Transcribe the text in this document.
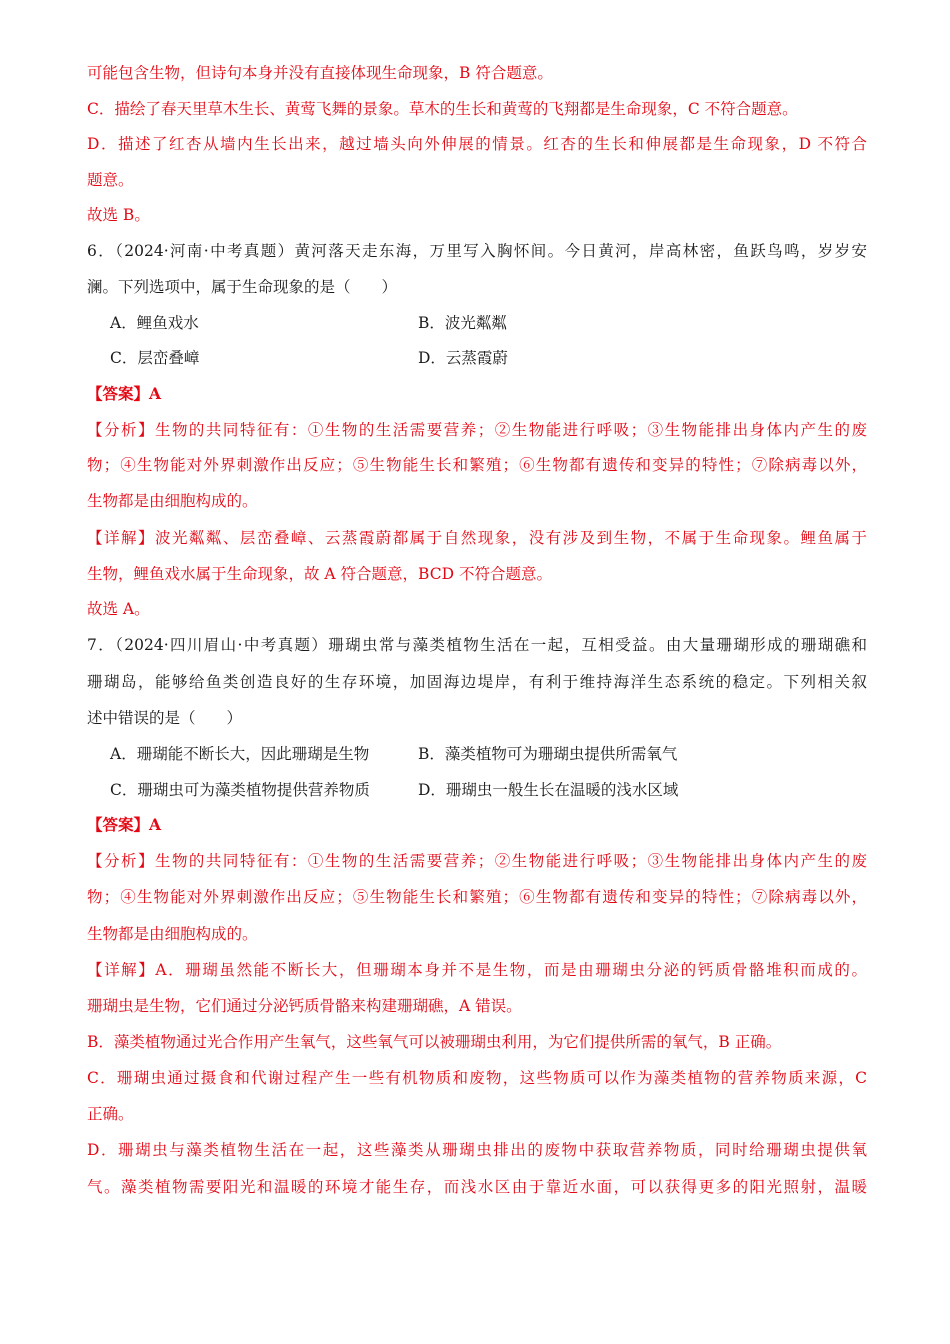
可能包含生物，但诗句本身并没有直接体现生命现象，B 符合题意。
C．描绘了春天里草木生长、黄莺飞舞的景象。草木的生长和黄莺的飞翔都是生命现象，C 不符合题意。
D．描述了红杏从墙内生长出来，越过墙头向外伸展的情景。红杏的生长和伸展都是生命现象，D 不符合
题意。
故选 B。
6．（2024·河南·中考真题）黄河落天走东海，万里写入胸怀间。今日黄河，岸高林密，鱼跃鸟鸣，岁岁安
澜。下列选项中，属于生命现象的是（　　）
A．鲤鱼戏水	B．波光粼粼
C．层峦叠嶂	D．云蒸霞蔚
【答案】A
【分析】生物的共同特征有：①生物的生活需要营养；②生物能进行呼吸；③生物能排出身体内产生的废
物；④生物能对外界刺激作出反应；⑤生物能生长和繁殖；⑥生物都有遗传和变异的特性；⑦除病毒以外，
生物都是由细胞构成的。
【详解】波光粼粼、层峦叠嶂、云蒸霞蔚都属于自然现象，没有涉及到生物，不属于生命现象。鲤鱼属于
生物，鲤鱼戏水属于生命现象，故 A 符合题意，BCD 不符合题意。
故选 A。
7．（2024·四川眉山·中考真题）珊瑚虫常与藻类植物生活在一起，互相受益。由大量珊瑚形成的珊瑚礁和
珊瑚岛，能够给鱼类创造良好的生存环境，加固海边堤岸，有利于维持海洋生态系统的稳定。下列相关叙
述中错误的是（　　）
A．珊瑚能不断长大，因此珊瑚是生物	B．藻类植物可为珊瑚虫提供所需氧气
C．珊瑚虫可为藻类植物提供营养物质	D．珊瑚虫一般生长在温暖的浅水区域
【答案】A
【分析】生物的共同特征有：①生物的生活需要营养；②生物能进行呼吸；③生物能排出身体内产生的废
物；④生物能对外界刺激作出反应；⑤生物能生长和繁殖；⑥生物都有遗传和变异的特性；⑦除病毒以外，
生物都是由细胞构成的。
【详解】A．珊瑚虽然能不断长大，但珊瑚本身并不是生物，而是由珊瑚虫分泌的钙质骨骼堆积而成的。
珊瑚虫是生物，它们通过分泌钙质骨骼来构建珊瑚礁，A 错误。
B．藻类植物通过光合作用产生氧气，这些氧气可以被珊瑚虫利用，为它们提供所需的氧气，B 正确。
C．珊瑚虫通过摄食和代谢过程产生一些有机物质和废物，这些物质可以作为藻类植物的营养物质来源，C
正确。
D．珊瑚虫与藻类植物生活在一起，这些藻类从珊瑚虫排出的废物中获取营养物质，同时给珊瑚虫提供氧
气。藻类植物需要阳光和温暖的环境才能生存，而浅水区由于靠近水面，可以获得更多的阳光照射，温暖
